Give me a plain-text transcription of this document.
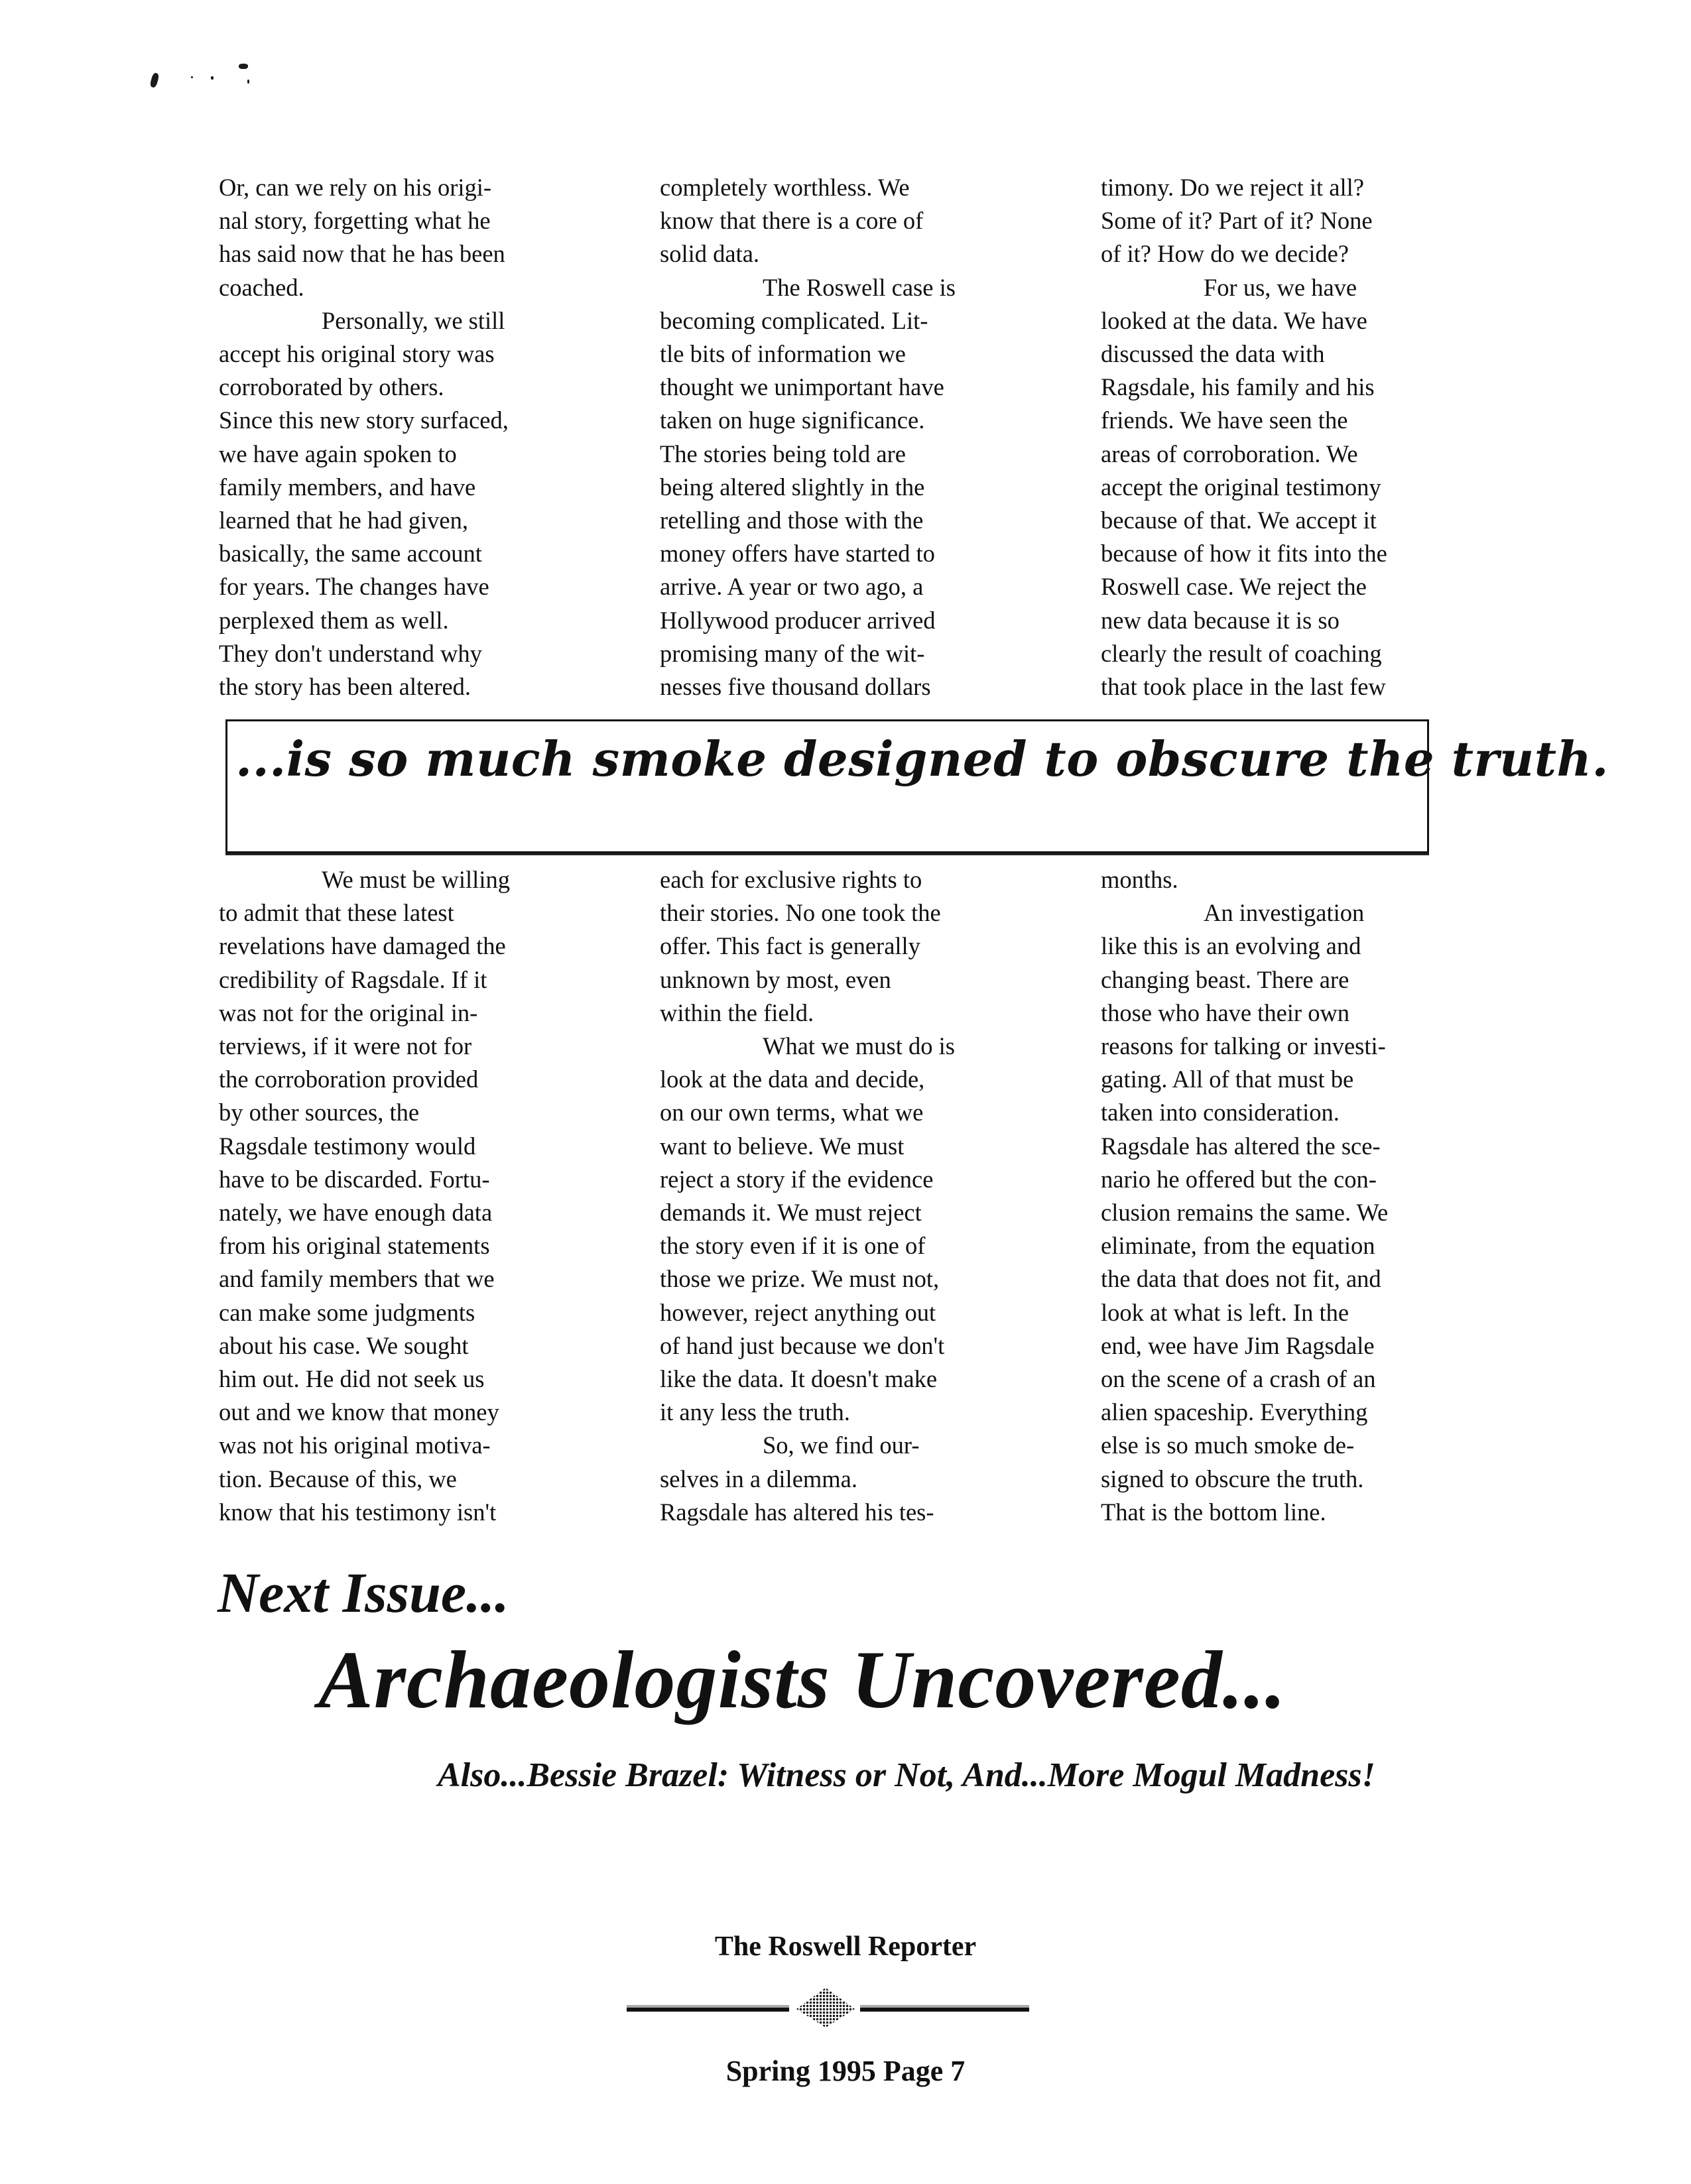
Or, can we rely on his origi-
nal story, forgetting what he
has said now that he has been
coached.
Personally, we still
accept his original story was
corroborated by others.
Since this new story surfaced,
we have again spoken to
family members, and have
learned that he had given,
basically, the same account
for years. The changes have
perplexed them as well.
They don't understand why
the story has been altered.
completely worthless. We
know that there is a core of
solid data.
The Roswell case is
becoming complicated. Lit-
tle bits of information we
thought we unimportant have
taken on huge significance.
The stories being told are
being altered slightly in the
retelling and those with the
money offers have started to
arrive. A year or two ago, a
Hollywood producer arrived
promising many of the wit-
nesses five thousand dollars
timony. Do we reject it all?
Some of it? Part of it? None
of it? How do we decide?
For us, we have
looked at the data. We have
discussed the data with
Ragsdale, his family and his
friends. We have seen the
areas of corroboration. We
accept the original testimony
because of that. We accept it
because of how it fits into the
Roswell case. We reject the
new data because it is so
clearly the result of coaching
that took place in the last few
...is so much smoke designed to obscure the truth.
We must be willing
to admit that these latest
revelations have damaged the
credibility of Ragsdale. If it
was not for the original in-
terviews, if it were not for
the corroboration provided
by other sources, the
Ragsdale testimony would
have to be discarded. Fortu-
nately, we have enough data
from his original statements
and family members that we
can make some judgments
about his case. We sought
him out. He did not seek us
out and we know that money
was not his original motiva-
tion. Because of this, we
know that his testimony isn't
each for exclusive rights to
their stories. No one took the
offer. This fact is generally
unknown by most, even
within the field.
What we must do is
look at the data and decide,
on our own terms, what we
want to believe. We must
reject a story if the evidence
demands it. We must reject
the story even if it is one of
those we prize. We must not,
however, reject anything out
of hand just because we don't
like the data. It doesn't make
it any less the truth.
So, we find our-
selves in a dilemma.
Ragsdale has altered his tes-
months.
An investigation
like this is an evolving and
changing beast. There are
those who have their own
reasons for talking or investi-
gating. All of that must be
taken into consideration.
Ragsdale has altered the sce-
nario he offered but the con-
clusion remains the same. We
eliminate, from the equation
the data that does not fit, and
look at what is left. In the
end, wee have Jim Ragsdale
on the scene of a crash of an
alien spaceship. Everything
else is so much smoke de-
signed to obscure the truth.
That is the bottom line.
Next Issue...
Archaeologists Uncovered...
Also...Bessie Brazel: Witness or Not, And...More Mogul Madness!
The Roswell Reporter
Spring 1995 Page 7
